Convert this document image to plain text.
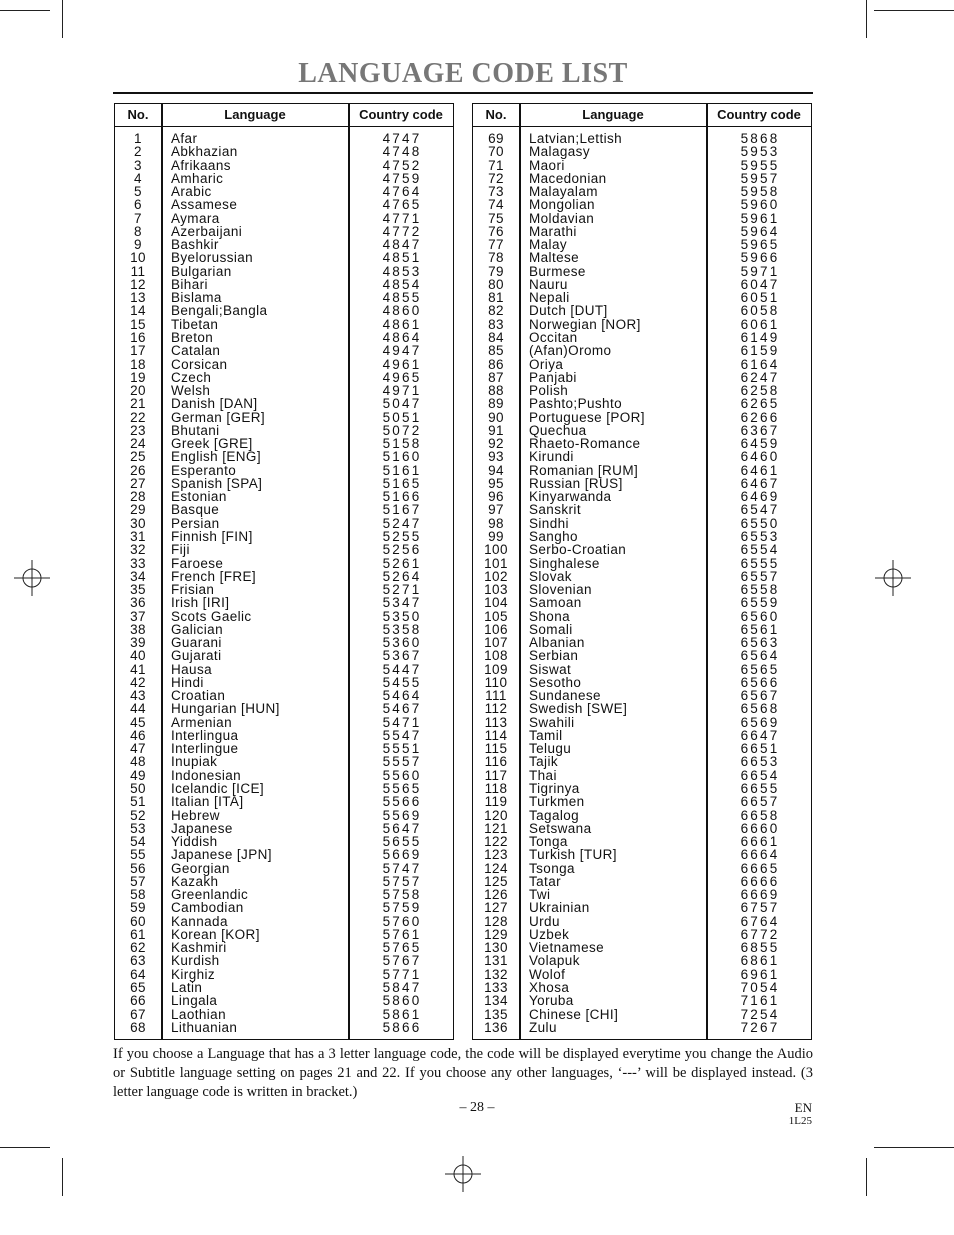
LANGUAGE CODE LIST
No.	Language	Country code
1	Afar	4747
2	Abkhazian	4748
3	Afrikaans	4752
4	Amharic	4759
5	Arabic	4764
6	Assamese	4765
7	Aymara	4771
8	Azerbaijani	4772
9	Bashkir	4847
10	Byelorussian	4851
11	Bulgarian	4853
12	Bihari	4854
13	Bislama	4855
14	Bengali;Bangla	4860
15	Tibetan	4861
16	Breton	4864
17	Catalan	4947
18	Corsican	4961
19	Czech	4965
20	Welsh	4971
21	Danish [DAN]	5047
22	German [GER]	5051
23	Bhutani	5072
24	Greek [GRE]	5158
25	English [ENG]	5160
26	Esperanto	5161
27	Spanish [SPA]	5165
28	Estonian	5166
29	Basque	5167
30	Persian	5247
31	Finnish [FIN]	5255
32	Fiji	5256
33	Faroese	5261
34	French [FRE]	5264
35	Frisian	5271
36	Irish [IRI]	5347
37	Scots Gaelic	5350
38	Galician	5358
39	Guarani	5360
40	Gujarati	5367
41	Hausa	5447
42	Hindi	5455
43	Croatian	5464
44	Hungarian [HUN]	5467
45	Armenian	5471
46	Interlingua	5547
47	Interlingue	5551
48	Inupiak	5557
49	Indonesian	5560
50	Icelandic [ICE]	5565
51	Italian [ITA]	5566
52	Hebrew	5569
53	Japanese	5647
54	Yiddish	5655
55	Japanese [JPN]	5669
56	Georgian	5747
57	Kazakh	5757
58	Greenlandic	5758
59	Cambodian	5759
60	Kannada	5760
61	Korean [KOR]	5761
62	Kashmiri	5765
63	Kurdish	5767
64	Kirghiz	5771
65	Latin	5847
66	Lingala	5860
67	Laothian	5861
68	Lithuanian	5866
No.	Language	Country code
69	Latvian;Lettish	5868
70	Malagasy	5953
71	Maori	5955
72	Macedonian	5957
73	Malayalam	5958
74	Mongolian	5960
75	Moldavian	5961
76	Marathi	5964
77	Malay	5965
78	Maltese	5966
79	Burmese	5971
80	Nauru	6047
81	Nepali	6051
82	Dutch [DUT]	6058
83	Norwegian [NOR]	6061
84	Occitan	6149
85	(Afan)Oromo	6159
86	Oriya	6164
87	Panjabi	6247
88	Polish	6258
89	Pashto;Pushto	6265
90	Portuguese [POR]	6266
91	Quechua	6367
92	Rhaeto-Romance	6459
93	Kirundi	6460
94	Romanian [RUM]	6461
95	Russian [RUS]	6467
96	Kinyarwanda	6469
97	Sanskrit	6547
98	Sindhi	6550
99	Sangho	6553
100	Serbo-Croatian	6554
101	Singhalese	6555
102	Slovak	6557
103	Slovenian	6558
104	Samoan	6559
105	Shona	6560
106	Somali	6561
107	Albanian	6563
108	Serbian	6564
109	Siswat	6565
110	Sesotho	6566
111	Sundanese	6567
112	Swedish [SWE]	6568
113	Swahili	6569
114	Tamil	6647
115	Telugu	6651
116	Tajik	6653
117	Thai	6654
118	Tigrinya	6655
119	Turkmen	6657
120	Tagalog	6658
121	Setswana	6660
122	Tonga	6661
123	Turkish [TUR]	6664
124	Tsonga	6665
125	Tatar	6666
126	Twi	6669
127	Ukrainian	6757
128	Urdu	6764
129	Uzbek	6772
130	Vietnamese	6855
131	Volapuk	6861
132	Wolof	6961
133	Xhosa	7054
134	Yoruba	7161
135	Chinese [CHI]	7254
136	Zulu	7267
If you choose a Language that has a 3 letter language code, the code will be displayed everytime you change the Audio or Subtitle language setting on pages 21 and 22. If you choose any other languages, ‘---’ will be displayed instead. (3 letter language code is written in bracket.)
– 28 –	EN
1L25
